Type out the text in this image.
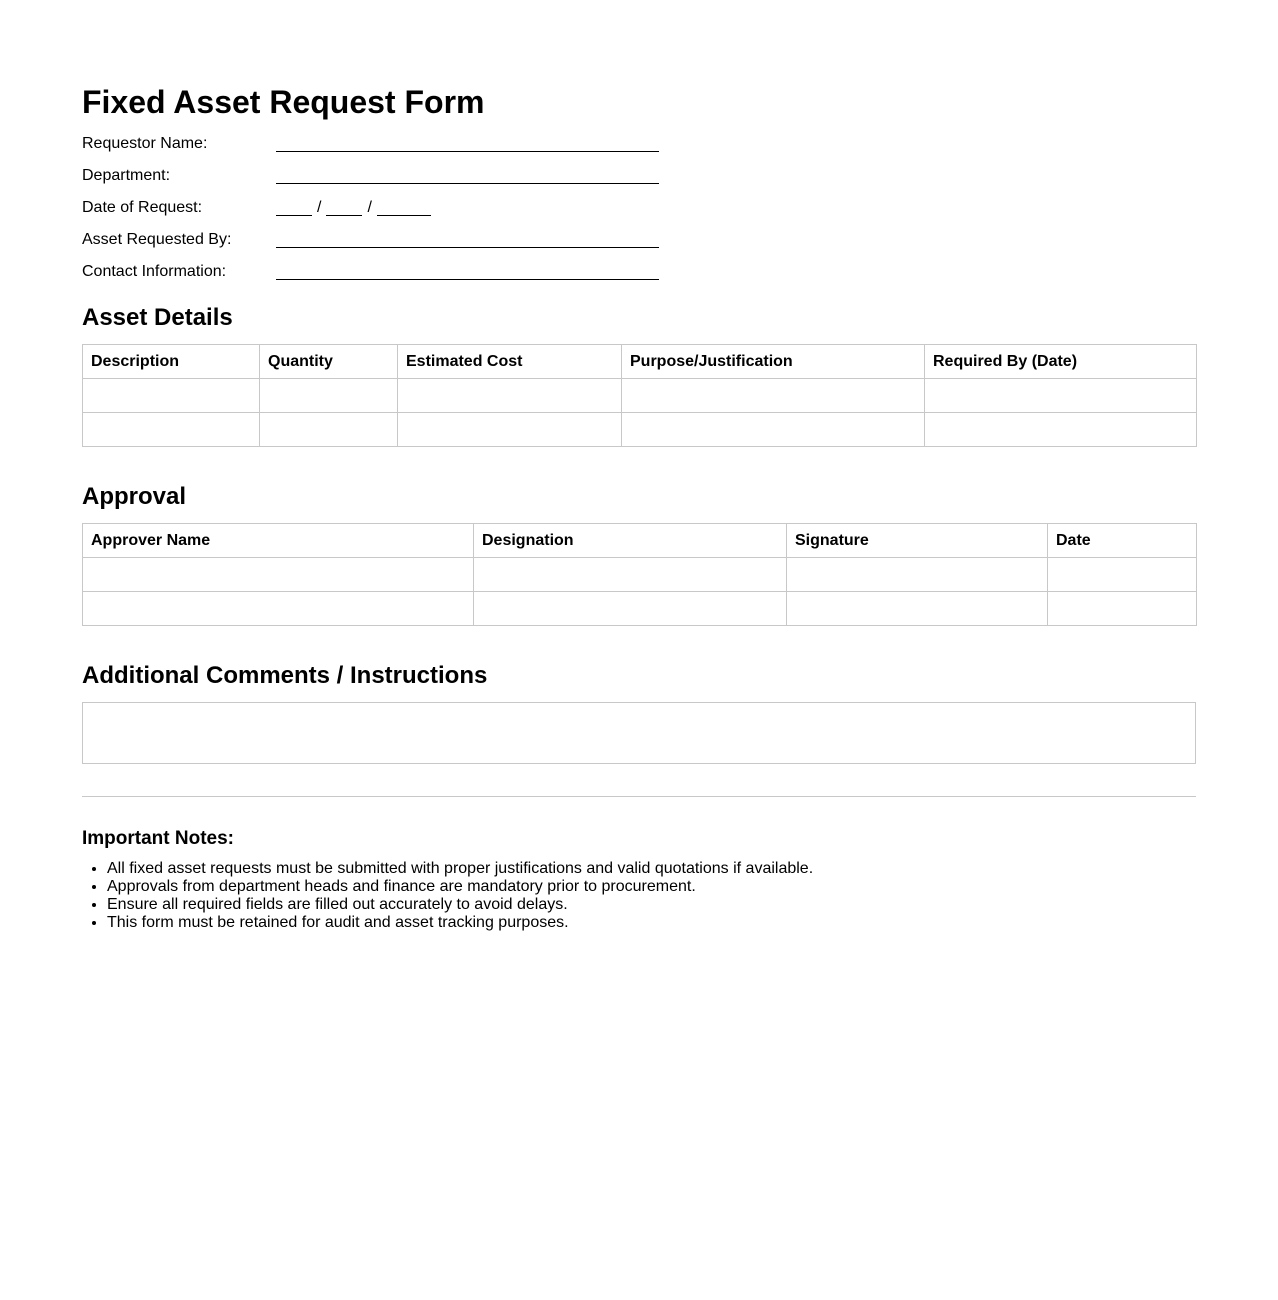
Fixed Asset Request Form
Requestor Name:
Department:
Date of Request:	/	/
Asset Requested By:
Contact Information:
Asset Details
Description	Quantity	Estimated Cost	Purpose/Justification	Required By (Date)

Approval
Approver Name	Designation	Signature	Date

Additional Comments / Instructions
Important Notes:
• All fixed asset requests must be submitted with proper justifications and valid quotations if available.
• Approvals from department heads and finance are mandatory prior to procurement.
• Ensure all required fields are filled out accurately to avoid delays.
• This form must be retained for audit and asset tracking purposes.
